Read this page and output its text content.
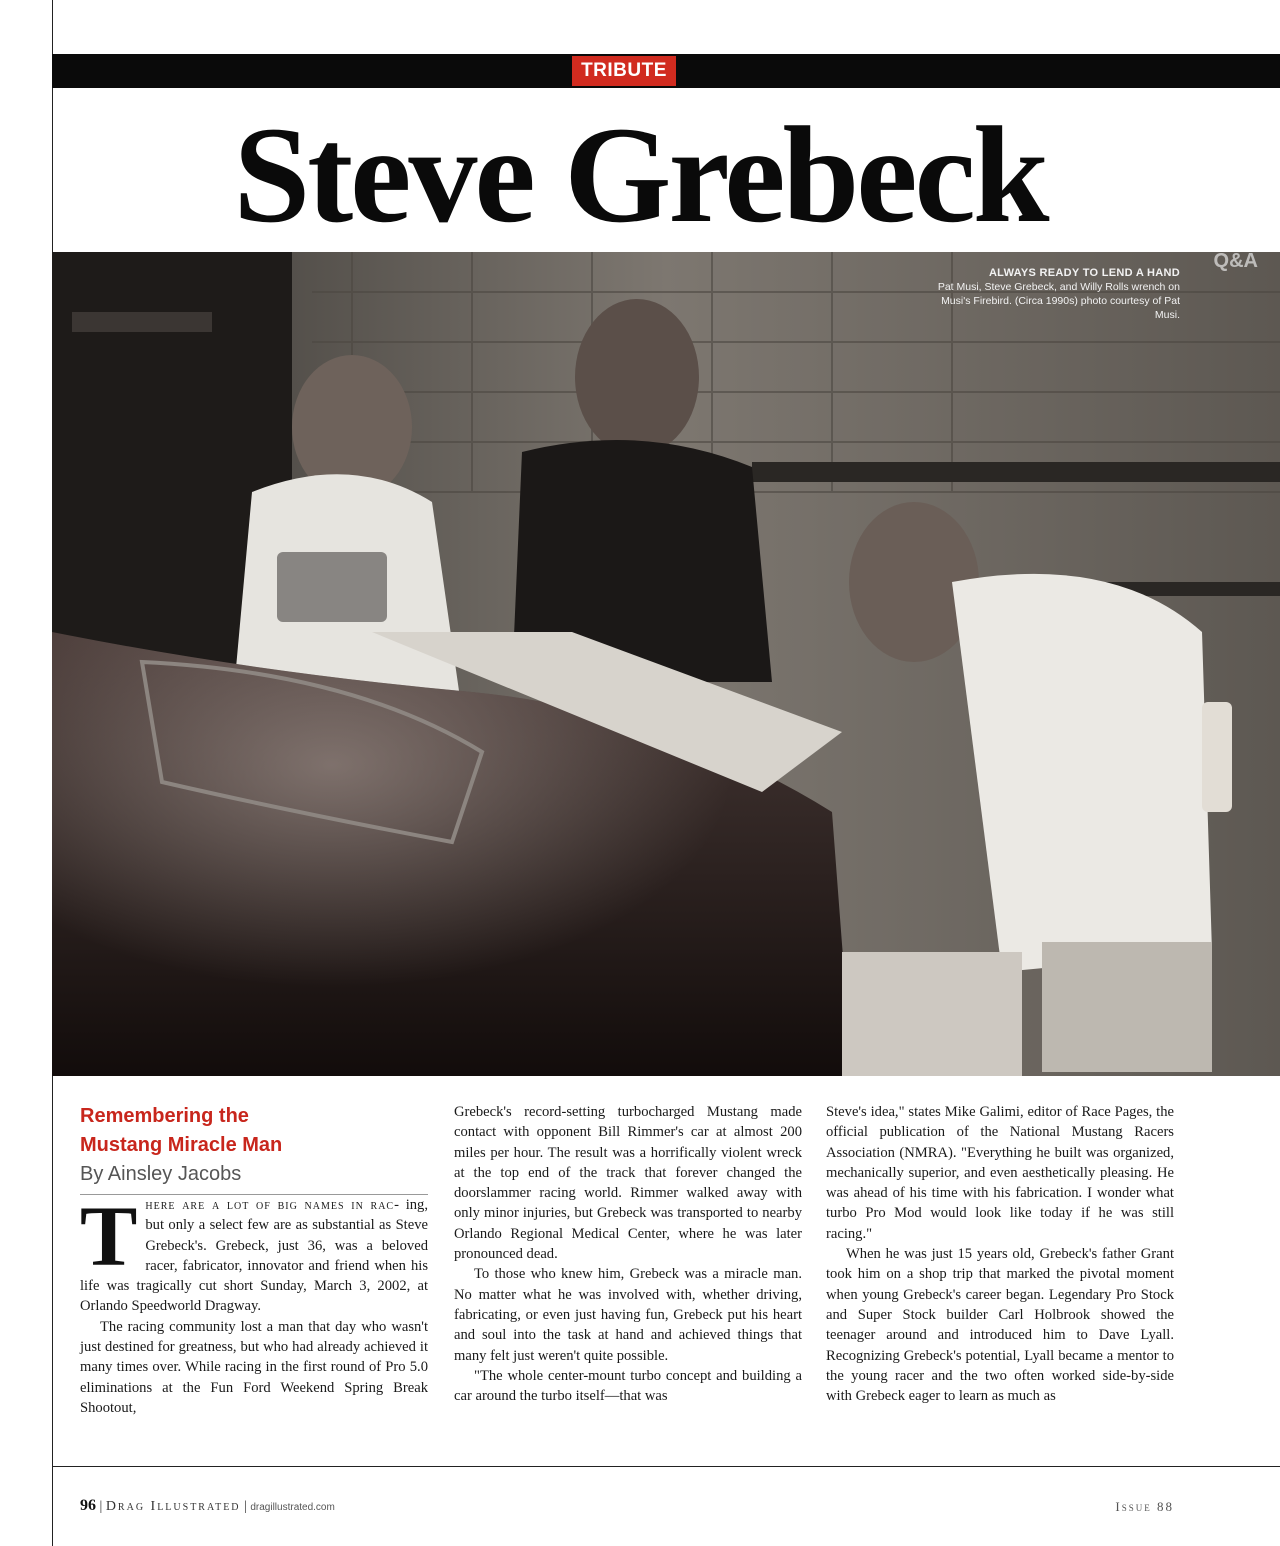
TRIBUTE
Steve Grebeck
ALWAYS READY TO LEND A HAND
Pat Musi, Steve Grebeck, and Willy Rolls wrench on Musi's Firebird. (Circa 1990s) photo courtesy of Pat Musi.
Q&A

Remembering the

Mustang Miracle Man

By Ainsley Jacobs

There are a lot of big names in rac- ing, but only a select few are as substantial as Steve Grebeck's. Grebeck, just 36, was a beloved racer, fabricator, innovator and friend when his life was tragically cut short Sunday, March 3, 2002, at Orlando Speedworld Dragway.

The racing community lost a man that day who wasn't just destined for greatness, but who had already achieved it many times over. While racing in the first round of Pro 5.0 eliminations at the Fun Ford Weekend Spring Break Shootout,

Grebeck's record-setting turbocharged Mustang made contact with opponent Bill Rimmer's car at almost 200 miles per hour. The result was a horrifically violent wreck at the top end of the track that forever changed the doorslammer racing world. Rimmer walked away with only minor injuries, but Grebeck was transported to nearby Orlando Regional Medical Center, where he was later pronounced dead.

To those who knew him, Grebeck was a miracle man. No matter what he was involved with, whether driving, fabricating, or even just having fun, Grebeck put his heart and soul into the task at hand and achieved things that many felt just weren't quite possible.

"The whole center-mount turbo concept and building a car around the turbo itself—that was

Steve's idea," states Mike Galimi, editor of Race Pages, the official publication of the National Mustang Racers Association (NMRA). "Everything he built was organized, mechanically superior, and even aesthetically pleasing. He was ahead of his time with his fabrication. I wonder what turbo Pro Mod would look like today if he was still racing."

When he was just 15 years old, Grebeck's father Grant took him on a shop trip that marked the pivotal moment when young Grebeck's career began. Legendary Pro Stock and Super Stock builder Carl Holbrook showed the teenager around and introduced him to Dave Lyall. Recognizing Grebeck's potential, Lyall became a mentor to the young racer and the two often worked side-by-side with Grebeck eager to learn as much as

96 | Drag Illustrated | dragillustrated.com	Issue 88
